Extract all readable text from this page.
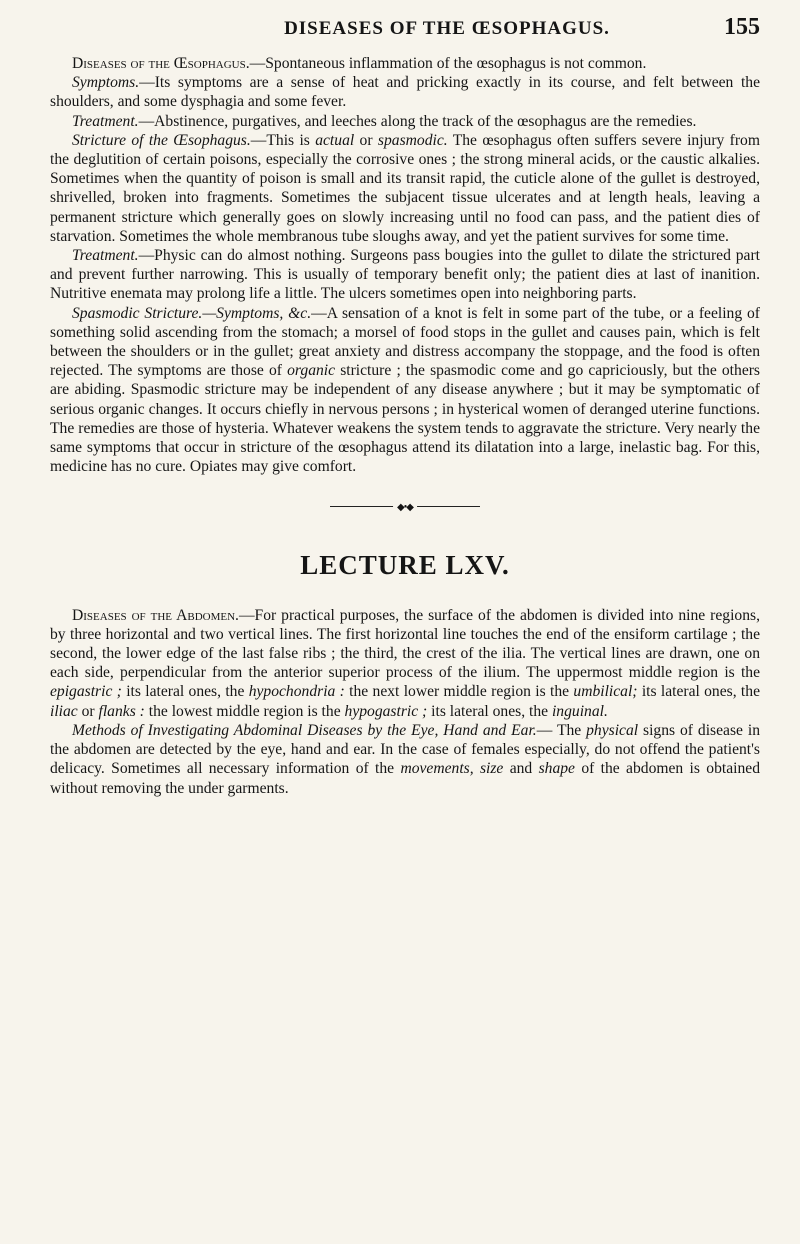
DISEASES OF THE ŒSOPHAGUS.	155

Diseases of the Œsophagus.—Spontaneous inflammation of the œsophagus is not common.

Symptoms.—Its symptoms are a sense of heat and pricking exactly in its course, and felt between the shoulders, and some dysphagia and some fever.

Treatment.—Abstinence, purgatives, and leeches along the track of the œsophagus are the remedies.

Stricture of the Œsophagus.—This is actual or spasmodic. The œsophagus often suffers severe injury from the deglutition of certain poisons, especially the corrosive ones ; the strong mineral acids, or the caustic alkalies. Sometimes when the quantity of poison is small and its transit rapid, the cuticle alone of the gullet is destroyed, shrivelled, broken into fragments. Sometimes the subjacent tissue ulcerates and at length heals, leaving a permanent stricture which generally goes on slowly increasing until no food can pass, and the patient dies of starvation. Sometimes the whole membranous tube sloughs away, and yet the patient survives for some time.

Treatment.—Physic can do almost nothing. Surgeons pass bougies into the gullet to dilate the strictured part and prevent further narrowing. This is usually of temporary benefit only; the patient dies at last of inanition. Nutritive enemata may prolong life a little. The ulcers sometimes open into neighboring parts.

Spasmodic Stricture.—Symptoms, &c.—A sensation of a knot is felt in some part of the tube, or a feeling of something solid ascending from the stomach; a morsel of food stops in the gullet and causes pain, which is felt between the shoulders or in the gullet; great anxiety and distress accompany the stoppage, and the food is often rejected. The symptoms are those of organic stricture ; the spasmodic come and go capriciously, but the others are abiding. Spasmodic stricture may be independent of any disease anywhere ; but it may be symptomatic of serious organic changes. It occurs chiefly in nervous persons ; in hysterical women of deranged uterine functions. The remedies are those of hysteria. Whatever weakens the system tends to aggravate the stricture. Very nearly the same symptoms that occur in stricture of the œsophagus attend its dilatation into a large, inelastic bag. For this, medicine has no cure. Opiates may give comfort.

◆•◆
LECTURE LXV.

Diseases of the Abdomen.—For practical purposes, the surface of the abdomen is divided into nine regions, by three horizontal and two vertical lines. The first horizontal line touches the end of the ensiform cartilage ; the second, the lower edge of the last false ribs ; the third, the crest of the ilia. The vertical lines are drawn, one on each side, perpendicular from the anterior superior process of the ilium. The uppermost middle region is the epigastric ; its lateral ones, the hypochondria : the next lower middle region is the umbilical; its lateral ones, the iliac or flanks : the lowest middle region is the hypogastric ; its lateral ones, the inguinal.

Methods of Investigating Abdominal Diseases by the Eye, Hand and Ear.— The physical signs of disease in the abdomen are detected by the eye, hand and ear. In the case of females especially, do not offend the patient's delicacy. Sometimes all necessary information of the movements, size and shape of the abdomen is obtained without removing the under garments.
